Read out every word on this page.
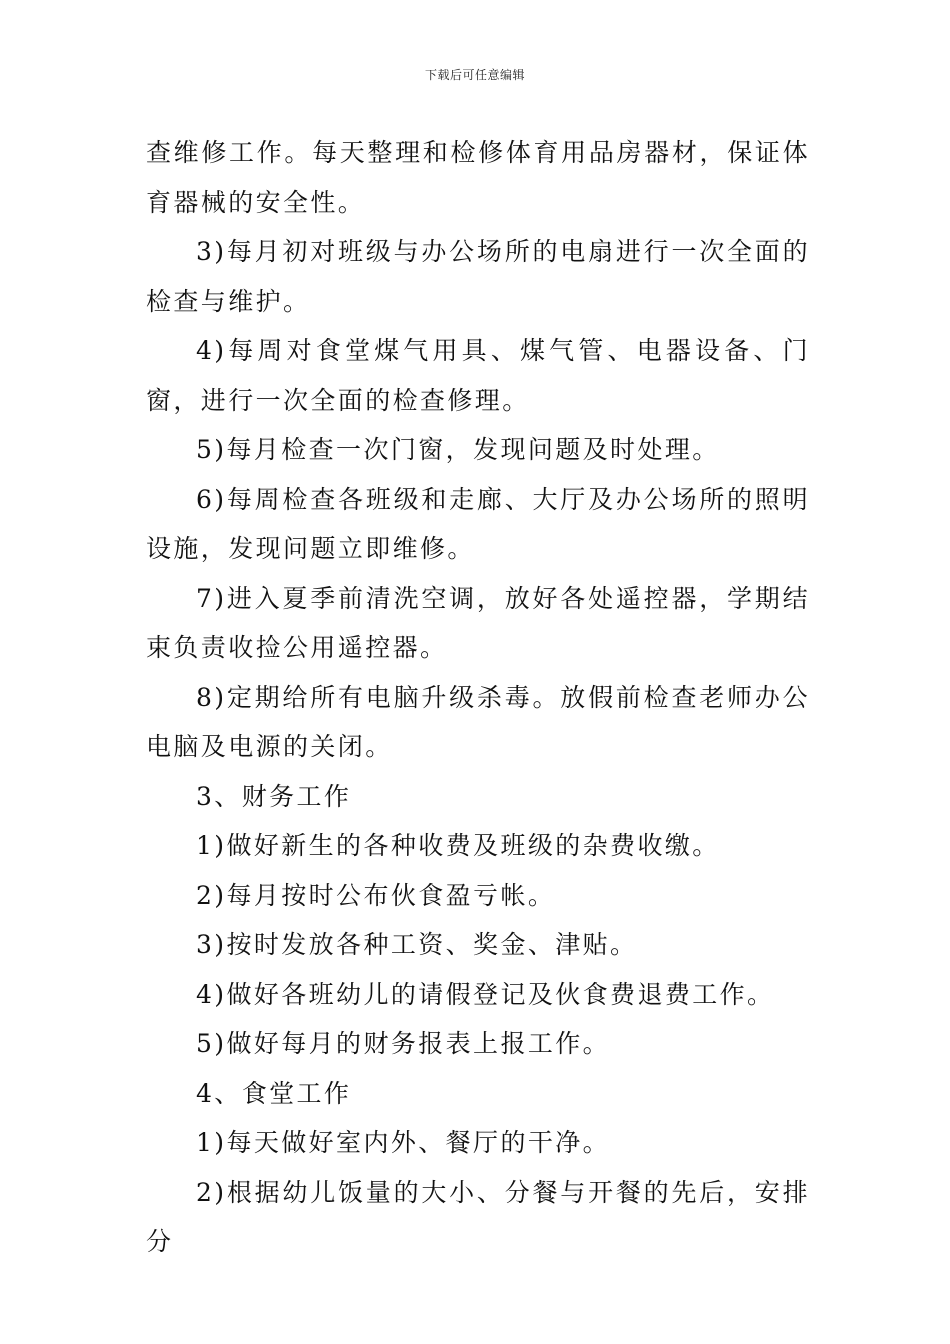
下载后可任意编辑

查维修工作。每天整理和检修体育用品房器材，保证体育器械的安全性。

3)每月初对班级与办公场所的电扇进行一次全面的检查与维护。

4)每周对食堂煤气用具、煤气管、电器设备、门窗，进行一次全面的检查修理。

5)每月检查一次门窗，发现问题及时处理。

6)每周检查各班级和走廊、大厅及办公场所的照明设施，发现问题立即维修。

7)进入夏季前清洗空调，放好各处遥控器，学期结束负责收捡公用遥控器。

8)定期给所有电脑升级杀毒。放假前检查老师办公电脑及电源的关闭。

3、财务工作

1)做好新生的各种收费及班级的杂费收缴。

2)每月按时公布伙食盈亏帐。

3)按时发放各种工资、奖金、津贴。

4)做好各班幼儿的请假登记及伙食费退费工作。

5)做好每月的财务报表上报工作。

4、食堂工作

1)每天做好室内外、餐厅的干净。

2)根据幼儿饭量的大小、分餐与开餐的先后，安排分
